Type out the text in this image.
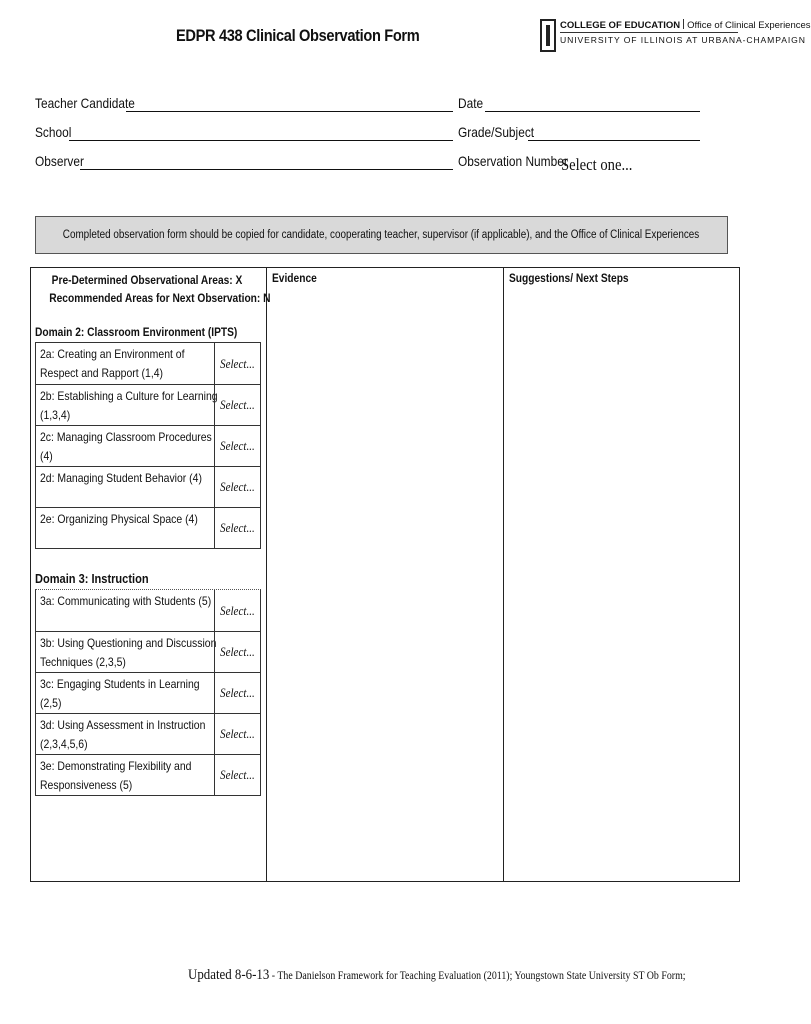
EDPR 438 Clinical Observation Form
COLLEGE OF EDUCATION Office of Clinical Experiences
UNIVERSITY OF ILLINOIS AT URBANA-CHAMPAIGN
Teacher Candidate
School
Observer
Date
Grade/Subject
Observation Number
Select one...
Completed observation form should be copied for candidate, cooperating teacher, supervisor (if applicable), and the Office of Clinical Experiences
Pre-Determined Observational Areas: X
Recommended Areas for Next Observation: N
Evidence	Suggestions/ Next Steps
Domain 2: Classroom Environment (IPTS)
2a: Creating an Environment of Respect and Rapport (1,4)
Select...
2b: Establishing a Culture for Learning (1,3,4)
Select...
2c: Managing Classroom Procedures (4)
Select...
2d: Managing Student Behavior (4)
Select...
2e: Organizing Physical Space (4)
Select...
Domain 3: Instruction
3a: Communicating with Students (5)
Select...
3b: Using Questioning and Discussion Techniques (2,3,5)
Select...
3c: Engaging Students in Learning (2,5)
Select...
3d: Using Assessment in Instruction (2,3,4,5,6)
Select...
3e: Demonstrating Flexibility and Responsiveness (5)
Select...
Updated 8-6-13 - The Danielson Framework for Teaching Evaluation (2011); Youngstown State University ST Ob Form;
